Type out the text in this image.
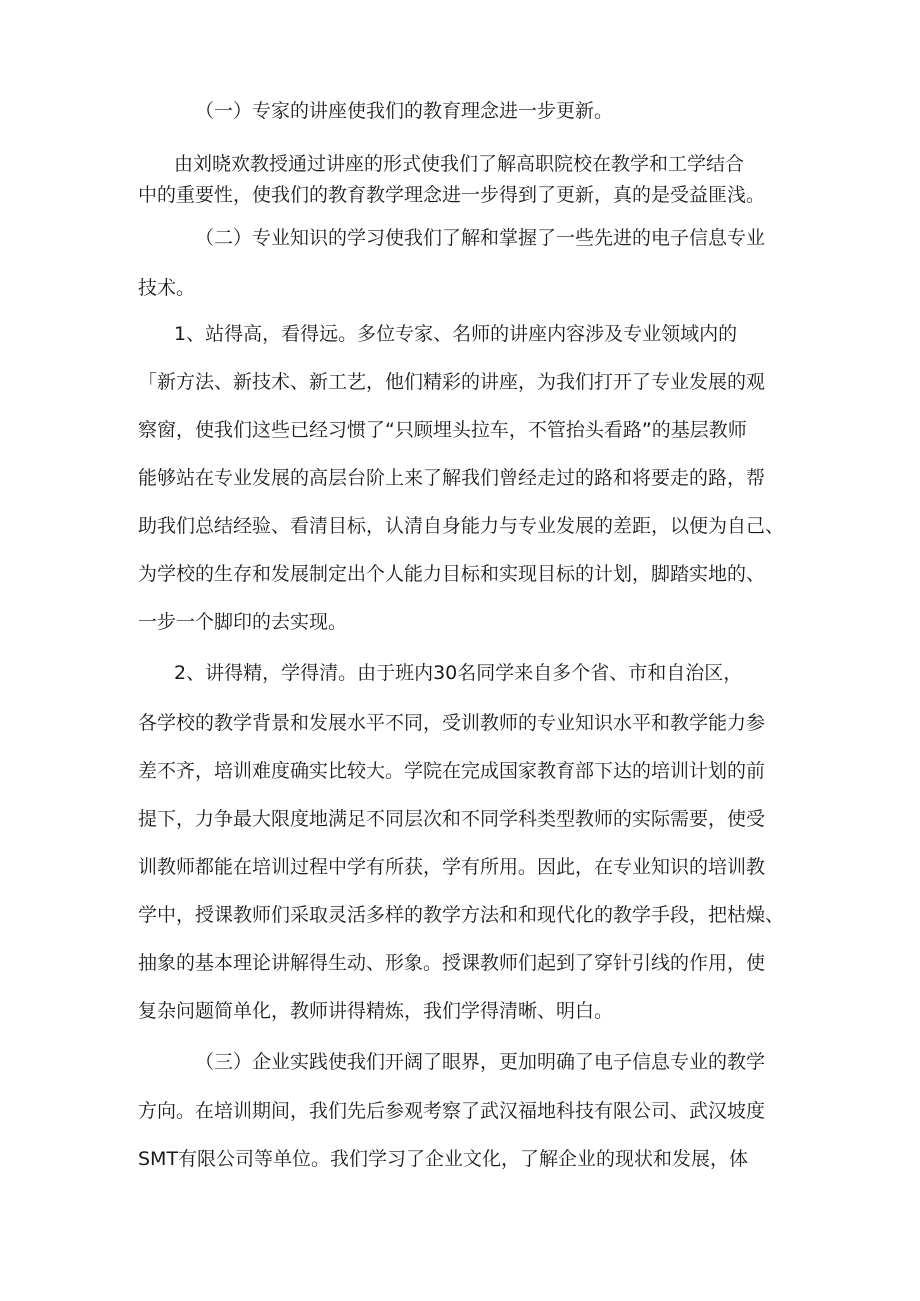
（一）专家的讲座使我们的教育理念进一步更新。
由刘晓欢教授通过讲座的形式使我们了解高职院校在教学和工学结合
中的重要性，使我们的教育教学理念进一步得到了更新，真的是受益匪浅。
（二）专业知识的学习使我们了解和掌握了一些先进的电子信息专业
技术。
1、站得高，看得远。多位专家、名师的讲座内容涉及专业领域内的
「新方法、新技术、新工艺，他们精彩的讲座，为我们打开了专业发展的观
察窗，使我们这些已经习惯了“只顾埋头拉车，不管抬头看路”的基层教师
能够站在专业发展的高层台阶上来了解我们曾经走过的路和将要走的路，帮
助我们总结经验、看清目标，认清自身能力与专业发展的差距，以便为自己、
为学校的生存和发展制定出个人能力目标和实现目标的计划，脚踏实地的、
一步一个脚印的去实现。
2、讲得精，学得清。由于班内30名同学来自多个省、市和自治区，
各学校的教学背景和发展水平不同，受训教师的专业知识水平和教学能力参
差不齐，培训难度确实比较大。学院在完成国家教育部下达的培训计划的前
提下，力争最大限度地满足不同层次和不同学科类型教师的实际需要，使受
训教师都能在培训过程中学有所获，学有所用。因此，在专业知识的培训教
学中，授课教师们采取灵活多样的教学方法和和现代化的教学手段，把枯燥、
抽象的基本理论讲解得生动、形象。授课教师们起到了穿针引线的作用，使
复杂问题简单化，教师讲得精炼，我们学得清晰、明白。
（三）企业实践使我们开阔了眼界，更加明确了电子信息专业的教学
方向。在培训期间，我们先后参观考察了武汉福地科技有限公司、武汉坡度
SMT有限公司等单位。我们学习了企业文化，了解企业的现状和发展，体
